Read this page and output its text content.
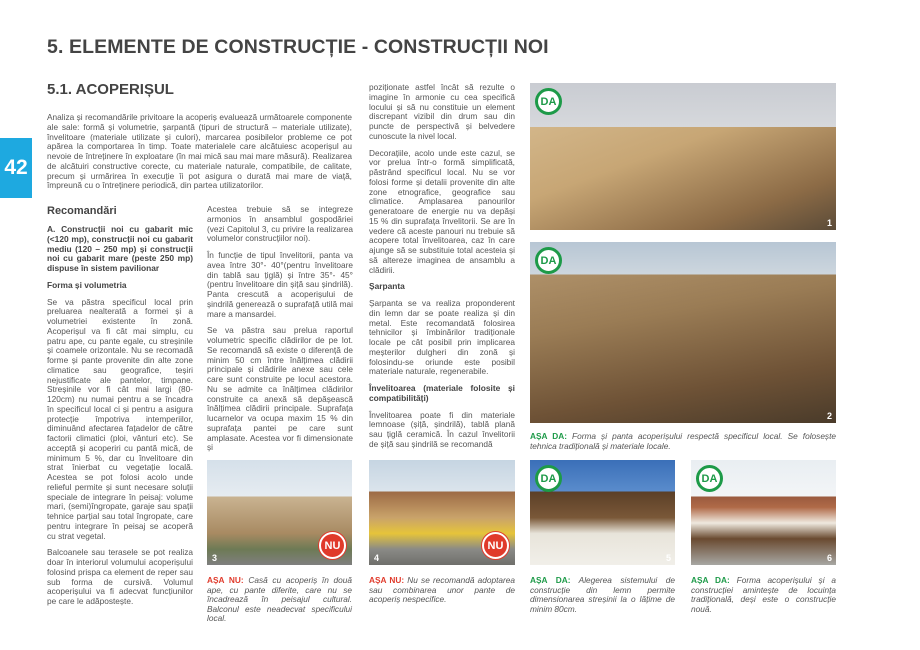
5. ELEMENTE DE CONSTRUCȚIE - CONSTRUCȚII NOI
42
5.1. ACOPERIȘUL
Analiza și recomandările privitoare la acoperiș evaluează următoarele componente ale sale: formă și volumetrie, șarpantă (tipuri de structură – materiale utilizate), învelitoare (materiale utilizate și culori), marcarea posibilelor probleme ce pot apărea la comportarea în timp. Toate materialele care alcătuiesc acoperișul au nevoie de întreținere în exploatare (în mai mică sau mai mare măsură). Realizarea de alcătuiri constructive corecte, cu materiale naturale, compatibile, de calitate, precum și urmărirea în execuție îi pot asigura o durată mai mare de viață, împreună cu o întreținere periodică, din partea utilizatorilor.
Recomandări
A. Construcții noi cu gabarit mic (<120 mp), construcții noi cu gabarit mediu (120 – 250 mp) și construcții noi cu gabarit mare (peste 250 mp) dispuse în sistem pavilionar
Forma și volumetria
Se va păstra specificul local prin preluarea nealterată a formei și a volumetriei existente în zonă. Acoperișul va fi cât mai simplu, cu patru ape, cu pante egale, cu streșinile și coamele orizontale. Nu se recomadă forme și pante provenite din alte zone climatice sau geografice, teșiri nejustificate ale pantelor, timpane. Streșinile vor fi cât mai largi (80-120cm) nu numai pentru a se încadra în specificul local ci și pentru a asigura protecție împotriva intemperiilor, diminuând afectarea fațadelor de către factorii climatici (ploi, vânturi etc). Se acceptă și acoperiri cu pantă mică, de minimum 5 %, dar cu învelitoare din strat înierbat cu vegetație locală. Acestea se pot folosi acolo unde relieful permite și sunt necesare soluții speciale de integrare în peisaj: volume mari, (semi)îngropate, garaje sau spații tehnice parțial sau total îngropate, care pentru integrare în peisaj se acoperă cu strat vegetal.
Balcoanele sau terasele se pot realiza doar în interiorul volumului acoperișului folosind prispa ca element de reper sau sub forma de cursivă. Volumul acoperișului va fi adecvat funcțiunilor pe care le adăpostește.
Acestea trebuie să se integreze armonios în ansamblul gospodăriei (vezi Capitolul 3, cu privire la realizarea volumelor construcțiilor noi).
În funcție de tipul învelitorii, panta va avea între 30°- 40°(pentru învelitoare din tablă sau țiglă) și între 35°- 45° (pentru învelitoare din șiță sau șindrilă). Panta crescută a acoperișului de șindrilă generează o suprafață utilă mai mare a mansardei.
Se va păstra sau prelua raportul volumetric specific clădirilor de pe lot. Se recomandă să existe o diferență de minim 50 cm între înălțimea clădirii principale și clădirile anexe sau cele care sunt construite pe locul acestora. Nu se admite ca înălțimea clădirilor construite ca anexă să depășească înălțimea clădirii principale. Suprafața lucarnelor va ocupa maxim 15 % din suprafața pantei pe care sunt amplasate. Acestea vor fi dimensionate și
poziționate astfel încât să rezulte o imagine în armonie cu cea specifică locului și să nu constituie un element discrepant vizibil din drum sau din puncte de perspectivă și belvedere cunoscute la nivel local.
Decorațiile, acolo unde este cazul, se vor prelua într-o formă simplificată, păstrând specificul local. Nu se vor folosi forme și detalii provenite din alte zone etnografice, geografice sau climatice. Amplasarea panourilor generatoare de energie nu va depăși 15 % din suprafața învelitorii. Se are în vedere că aceste panouri nu trebuie să acopere total învelitoarea, caz în care ajunge să se substituie total acesteia și să altereze imaginea de ansamblu a clădirii.
Șarpanta
Șarpanta se va realiza proponderent din lemn dar se poate realiza și din metal. Este recomandată folosirea tehnicilor și îmbinărilor tradiționale locale pe cât posibil prin implicarea meșterilor dulgheri din zonă și folosindu-se oriunde este posibil materiale naturale, regenerabile.
Învelitoarea (materiale folosite și compatibilități)
Învelitoarea poate fi din materiale lemnoase (șiță, șindrilă), tablă plană sau țiglă ceramică. În cazul învelitorii de șiță sau șindrilă se recomandă
DA
1
DA
2
AȘA DA: Forma și panta acoperișului respectă specificul local. Se folosește tehnica tradițională și materiale locale.
NU
3
NU
4
DA
5
DA
6
AȘA NU: Casă cu acoperiș în două ape, cu pante diferite, care nu se încadrează în peisajul cultural. Balconul este neadecvat specificului local.
AȘA NU: Nu se recomandă adoptarea sau combinarea unor pante de acoperiș nespecifice.
AȘA DA: Alegerea sistemului de construcție din lemn permite dimensionarea streșinii la o lățime de minim 80cm.
AȘA DA: Forma acoperișului și a construcției amintește de locuința tradițională, deși este o construcție nouă.
